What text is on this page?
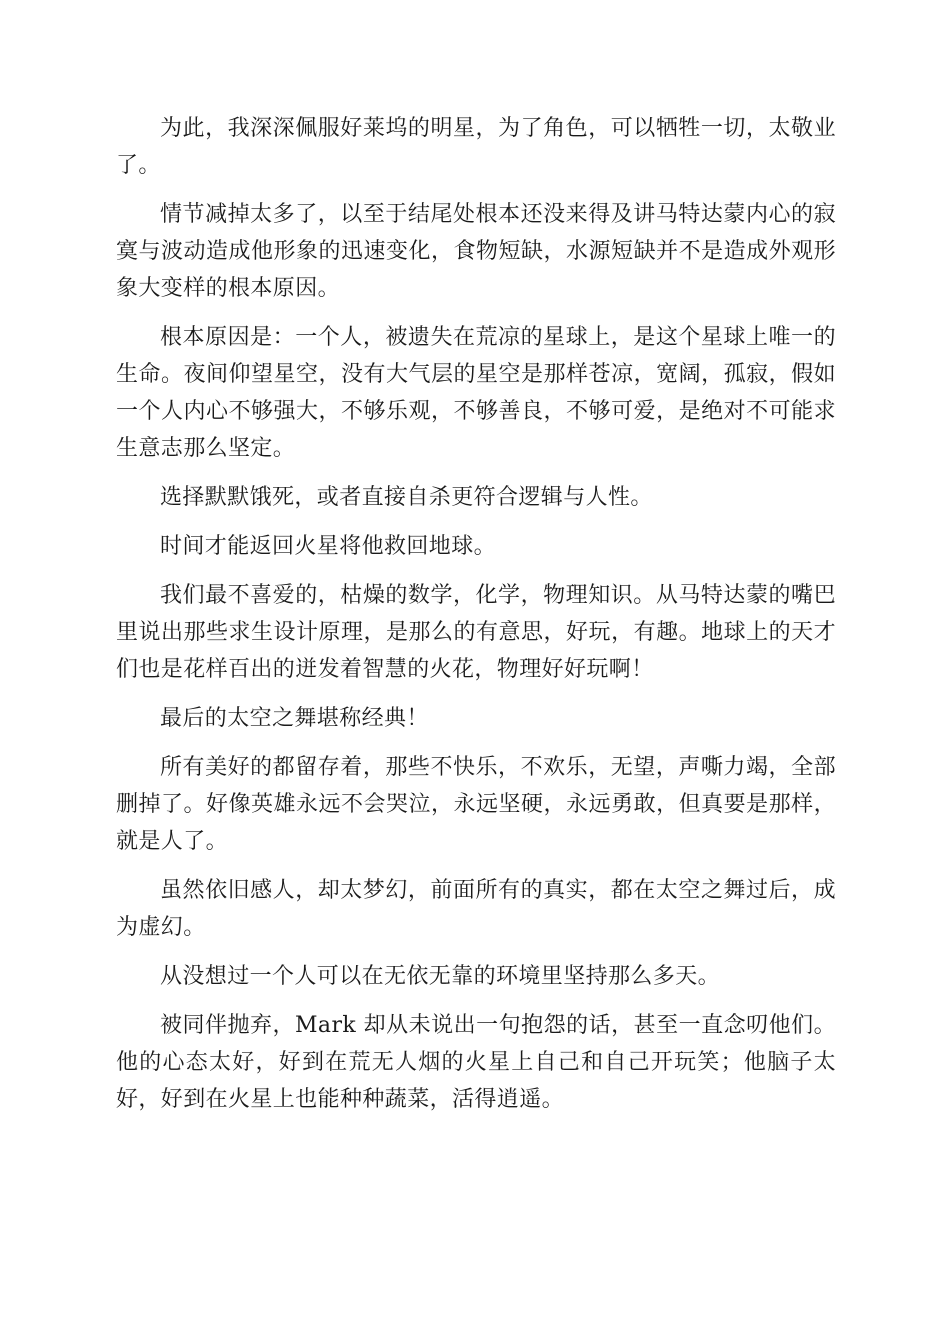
为此，我深深佩服好莱坞的明星，为了角色，可以牺牲一切，太敬业了。

情节减掉太多了，以至于结尾处根本还没来得及讲马特达蒙内心的寂寞与波动造成他形象的迅速变化，食物短缺，水源短缺并不是造成外观形象大变样的根本原因。

根本原因是：一个人，被遗失在荒凉的星球上，是这个星球上唯一的生命。夜间仰望星空，没有大气层的星空是那样苍凉，宽阔，孤寂，假如一个人内心不够强大，不够乐观，不够善良，不够可爱，是绝对不可能求生意志那么坚定。

选择默默饿死，或者直接自杀更符合逻辑与人性。

时间才能返回火星将他救回地球。

我们最不喜爱的，枯燥的数学，化学，物理知识。从马特达蒙的嘴巴里说出那些求生设计原理，是那么的有意思，好玩，有趣。地球上的天才们也是花样百出的迸发着智慧的火花，物理好好玩啊！

最后的太空之舞堪称经典！

所有美好的都留存着，那些不快乐，不欢乐，无望，声嘶力竭，全部删掉了。好像英雄永远不会哭泣，永远坚硬，永远勇敢，但真要是那样，就是人了。

虽然依旧感人，却太梦幻，前面所有的真实，都在太空之舞过后，成为虚幻。

从没想过一个人可以在无依无靠的环境里坚持那么多天。

被同伴抛弃，Mark 却从未说出一句抱怨的话，甚至一直念叨他们。他的心态太好，好到在荒无人烟的火星上自己和自己开玩笑；他脑子太好，好到在火星上也能种种蔬菜，活得逍遥。
